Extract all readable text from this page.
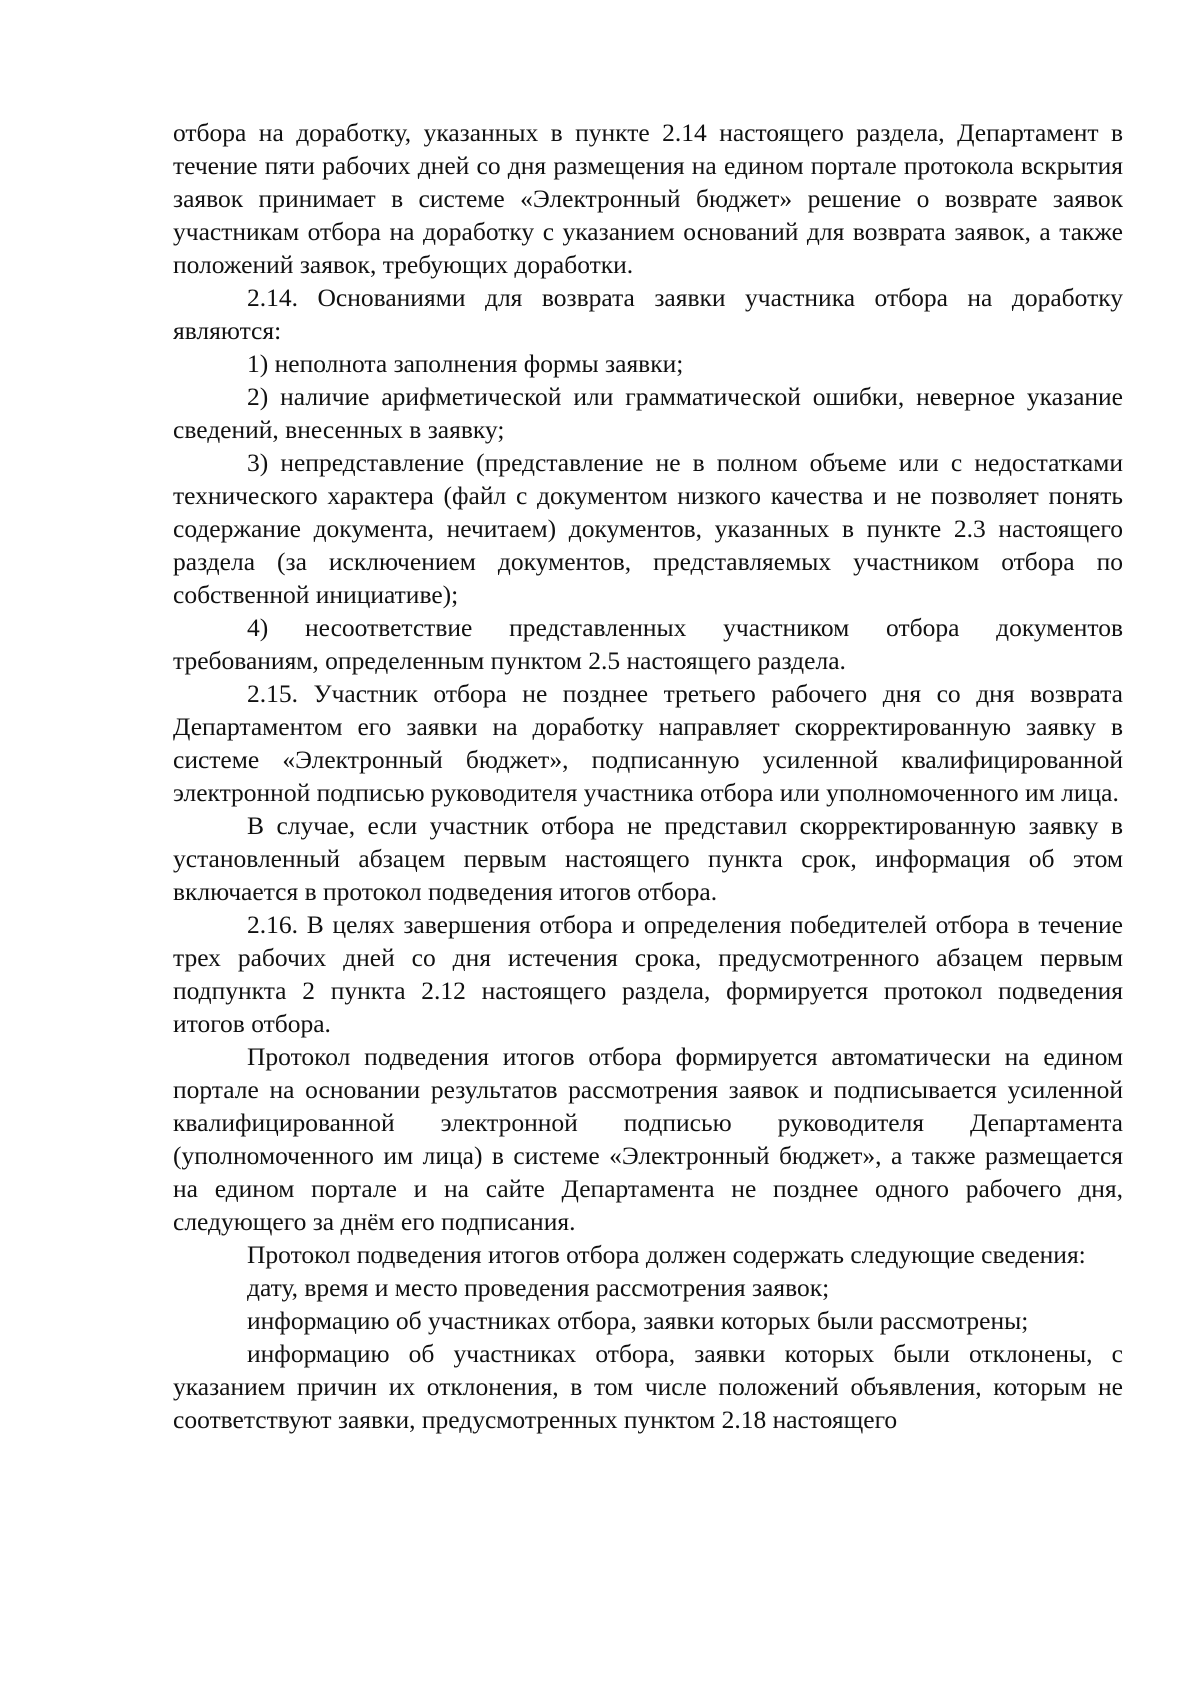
отбора на доработку, указанных в пункте 2.14 настоящего раздела, Департамент в течение пяти рабочих дней со дня размещения на едином портале протокола вскрытия заявок принимает в системе «Электронный бюджет» решение о возврате заявок участникам отбора на доработку с указанием оснований для возврата заявок, а также положений заявок, требующих доработки.

2.14. Основаниями для возврата заявки участника отбора на доработку являются:

1) неполнота заполнения формы заявки;

2) наличие арифметической или грамматической ошибки, неверное указание сведений, внесенных в заявку;

3) непредставление (представление не в полном объеме или с недостатками технического характера (файл с документом низкого качества и не позволяет понять содержание документа, нечитаем) документов, указанных в пункте 2.3 настоящего раздела (за исключением документов, представляемых участником отбора по собственной инициативе);

4) несоответствие представленных участником отбора документов требованиям, определенным пунктом 2.5 настоящего раздела.

2.15. Участник отбора не позднее третьего рабочего дня со дня возврата Департаментом его заявки на доработку направляет скорректированную заявку в системе «Электронный бюджет», подписанную усиленной квалифицированной электронной подписью руководителя участника отбора или уполномоченного им лица.

В случае, если участник отбора не представил скорректированную заявку в установленный абзацем первым настоящего пункта срок, информация об этом включается в протокол подведения итогов отбора.

2.16. В целях завершения отбора и определения победителей отбора в течение трех рабочих дней со дня истечения срока, предусмотренного абзацем первым подпункта 2 пункта 2.12 настоящего раздела, формируется протокол подведения итогов отбора.

Протокол подведения итогов отбора формируется автоматически на едином портале на основании результатов рассмотрения заявок и подписывается усиленной квалифицированной электронной подписью руководителя Департамента (уполномоченного им лица) в системе «Электронный бюджет», а также размещается на едином портале и на сайте Департамента не позднее одного рабочего дня, следующего за днём его подписания.

Протокол подведения итогов отбора должен содержать следующие сведения:

дату, время и место проведения рассмотрения заявок;

информацию об участниках отбора, заявки которых были рассмотрены;

информацию об участниках отбора, заявки которых были отклонены, с указанием причин их отклонения, в том числе положений объявления, которым не соответствуют заявки, предусмотренных пунктом 2.18 настоящего
